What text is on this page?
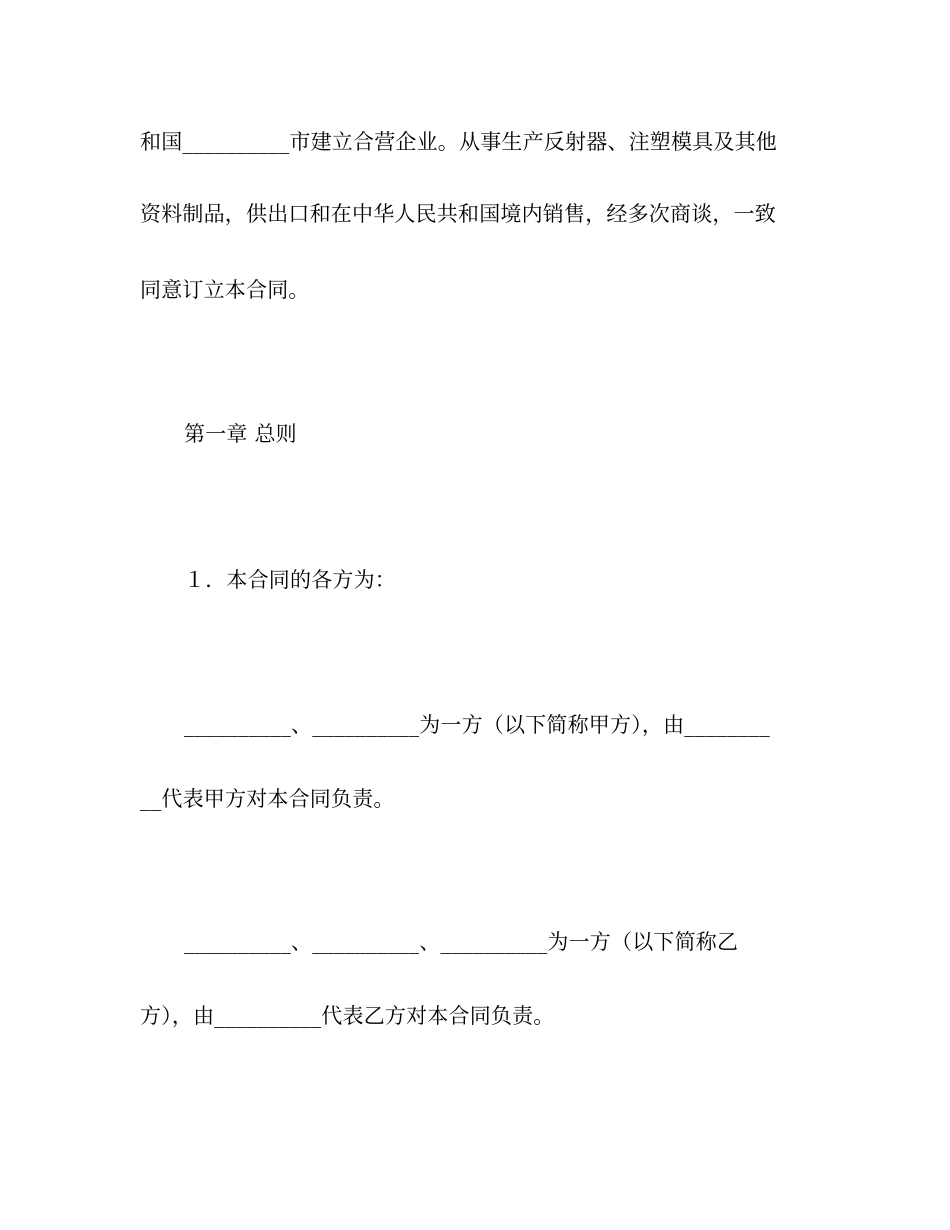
和国__________市建立合营企业。从事生产反射器、注塑模具及其他
资料制品，供出口和在中华人民共和国境内销售，经多次商谈，一致
同意订立本合同。
第一章 总则
１．本合同的各方为：
__________、__________为一方（以下简称甲方），由________
__代表甲方对本合同负责。
__________、__________、__________为一方（以下简称乙
方），由__________代表乙方对本合同负责。
